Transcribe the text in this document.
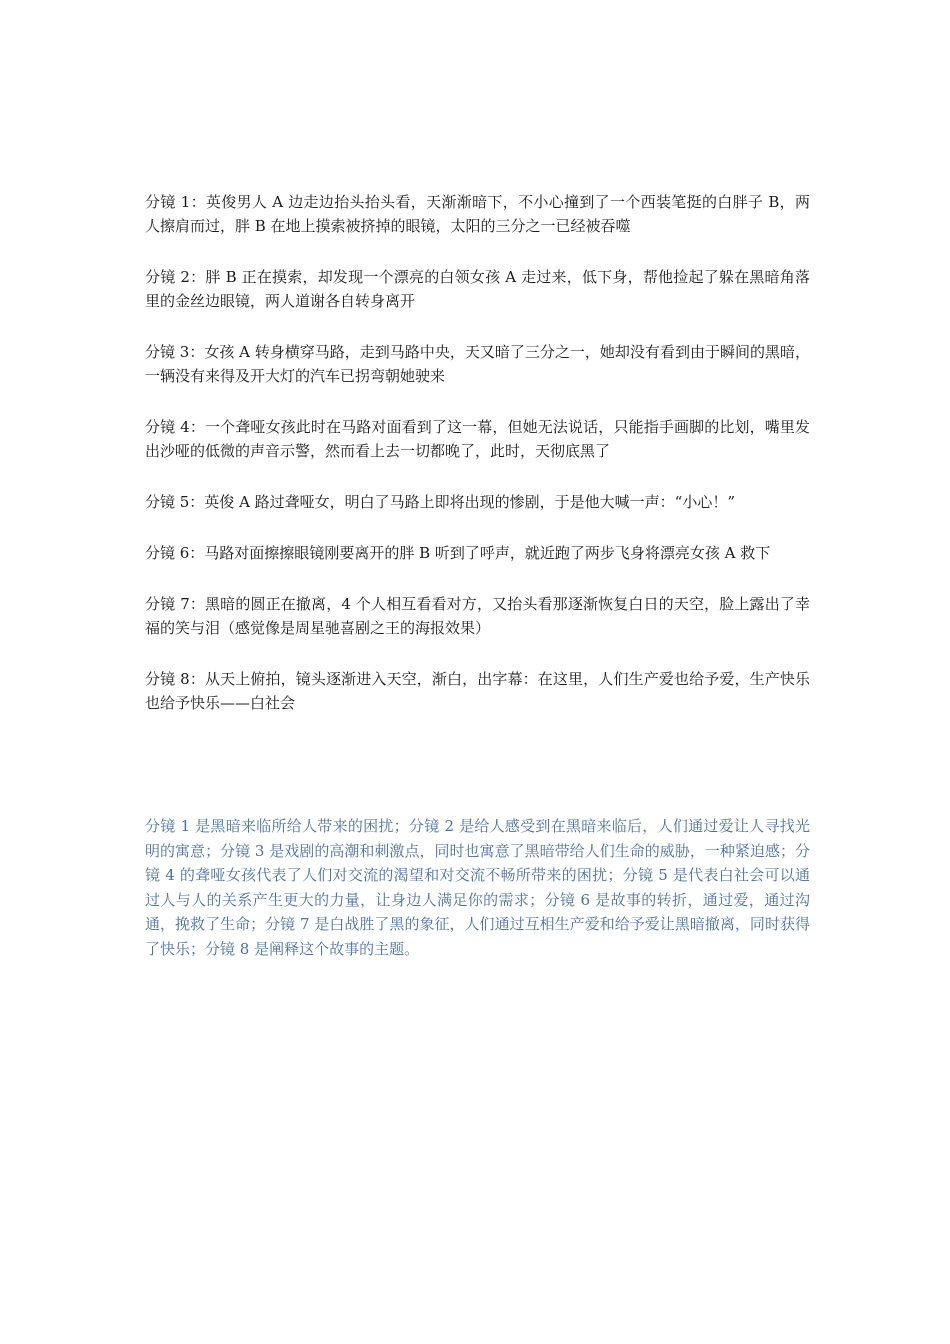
分镜 1：英俊男人 A 边走边抬头抬头看，天渐渐暗下，不小心撞到了一个西装笔挺的白胖子 B，两人擦肩而过，胖 B 在地上摸索被挤掉的眼镜，太阳的三分之一已经被吞噬

分镜 2：胖 B 正在摸索，却发现一个漂亮的白领女孩 A 走过来，低下身，帮他捡起了躲在黑暗角落里的金丝边眼镜，两人道谢各自转身离开

分镜 3：女孩 A 转身横穿马路，走到马路中央，天又暗了三分之一，她却没有看到由于瞬间的黑暗，一辆没有来得及开大灯的汽车已拐弯朝她驶来

分镜 4：一个聋哑女孩此时在马路对面看到了这一幕，但她无法说话，只能指手画脚的比划，嘴里发出沙哑的低微的声音示警，然而看上去一切都晚了，此时，天彻底黑了

分镜 5：英俊 A 路过聋哑女，明白了马路上即将出现的惨剧，于是他大喊一声：“小心！”

分镜 6：马路对面擦擦眼镜刚要离开的胖 B 听到了呼声，就近跑了两步飞身将漂亮女孩 A 救下

分镜 7：黑暗的圆正在撤离，4 个人相互看看对方，又抬头看那逐渐恢复白日的天空，脸上露出了幸福的笑与泪（感觉像是周星驰喜剧之王的海报效果）

分镜 8：从天上俯拍，镜头逐渐进入天空，渐白，出字幕：在这里，人们生产爱也给予爱，生产快乐也给予快乐——白社会

分镜 1 是黑暗来临所给人带来的困扰；分镜 2 是给人感受到在黑暗来临后，人们通过爱让人寻找光明的寓意；分镜 3 是戏剧的高潮和刺激点，同时也寓意了黑暗带给人们生命的威胁，一种紧迫感；分镜 4 的聋哑女孩代表了人们对交流的渴望和对交流不畅所带来的困扰；分镜 5 是代表白社会可以通过人与人的关系产生更大的力量，让身边人满足你的需求；分镜 6 是故事的转折，通过爱，通过沟通，挽救了生命；分镜 7 是白战胜了黑的象征，人们通过互相生产爱和给予爱让黑暗撤离，同时获得了快乐；分镜 8 是阐释这个故事的主题。
